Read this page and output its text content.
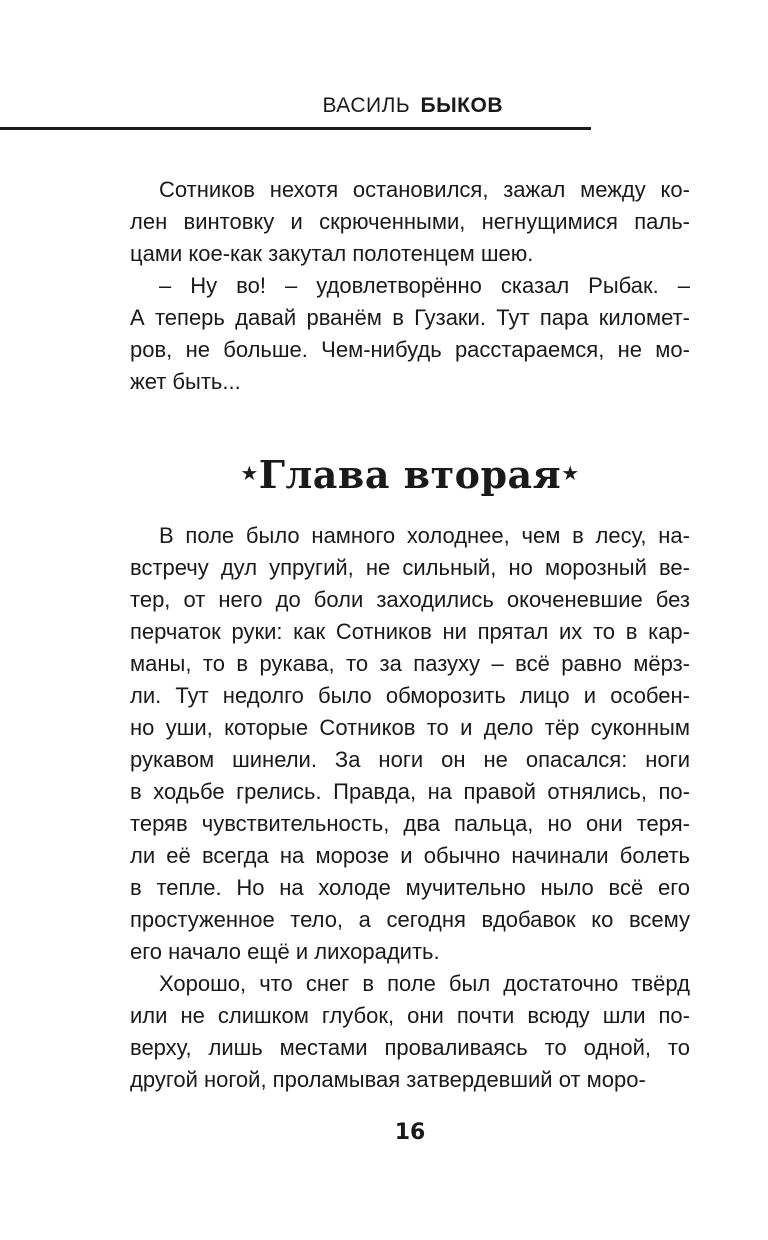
ВАСИЛЬ БЫКОВ
Сотников нехотя остановился, зажал между ко-
лен винтовку и скрюченными, негнущимися паль-
цами кое-как закутал полотенцем шею.
– Ну во! – удовлетворённо сказал Рыбак. –
А теперь давай рванём в Гузаки. Тут пара километ-
ров, не больше. Чем-нибудь расстараемся, не мо-
жет быть...
★Глава вторая★
В поле было намного холоднее, чем в лесу, на-
встречу дул упругий, не сильный, но морозный ве-
тер, от него до боли заходились окоченевшие без
перчаток руки: как Сотников ни прятал их то в кар-
маны, то в рукава, то за пазуху – всё равно мёрз-
ли. Тут недолго было обморозить лицо и особен-
но уши, которые Сотников то и дело тёр суконным
рукавом шинели. За ноги он не опасался: ноги
в ходьбе грелись. Правда, на правой отнялись, по-
теряв чувствительность, два пальца, но они теря-
ли её всегда на морозе и обычно начинали болеть
в тепле. Но на холоде мучительно ныло всё его
простуженное тело, а сегодня вдобавок ко всему
его начало ещё и лихорадить.
Хорошо, что снег в поле был достаточно твёрд
или не слишком глубок, они почти всюду шли по-
верху, лишь местами проваливаясь то одной, то
другой ногой, проламывая затвердевший от моро-
16
